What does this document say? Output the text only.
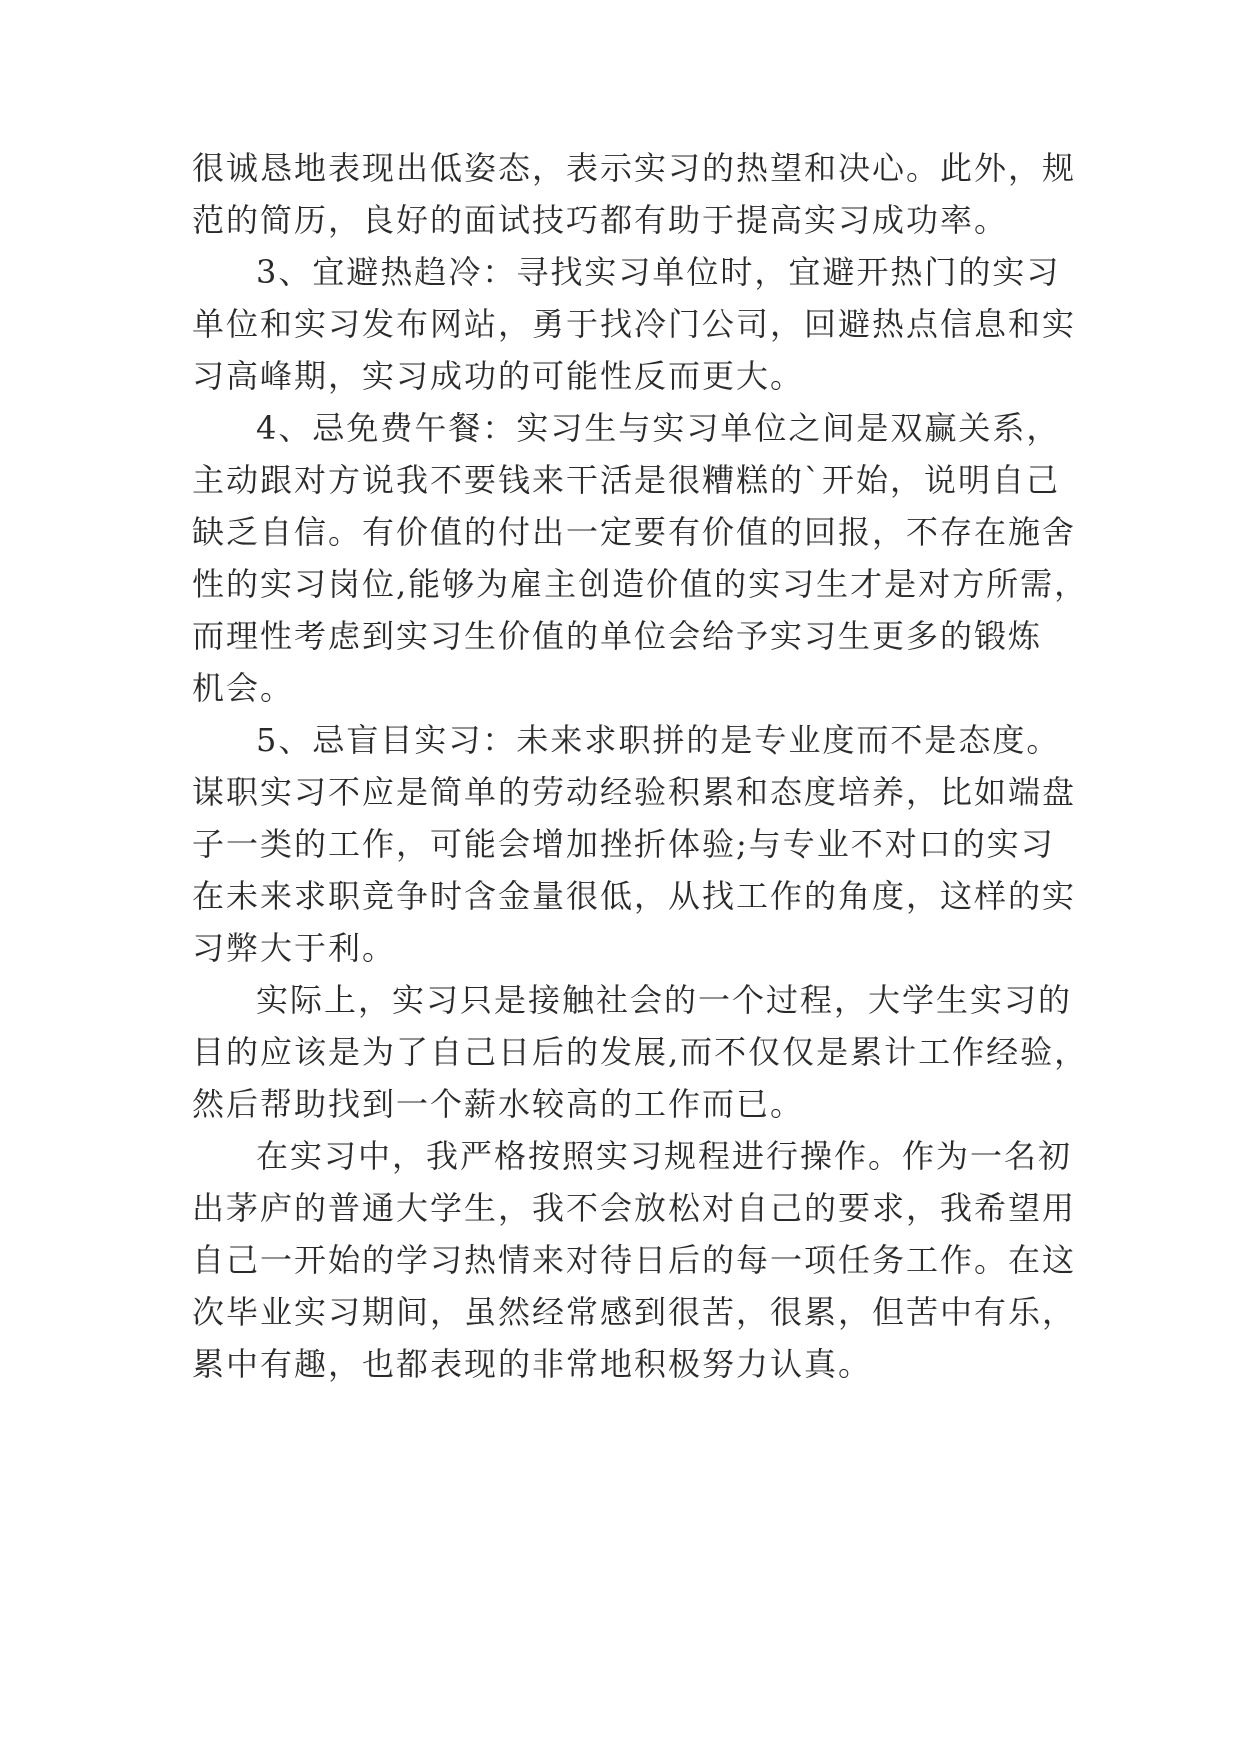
很诚恳地表现出低姿态，表示实习的热望和决心。此外，规
范的简历，良好的面试技巧都有助于提高实习成功率。
3、宜避热趋冷：寻找实习单位时，宜避开热门的实习
单位和实习发布网站，勇于找冷门公司，回避热点信息和实
习高峰期，实习成功的可能性反而更大。
4、忌免费午餐：实习生与实习单位之间是双赢关系，
主动跟对方说我不要钱来干活是很糟糕的`开始，说明自己
缺乏自信。有价值的付出一定要有价值的回报，不存在施舍
性的实习岗位,能够为雇主创造价值的实习生才是对方所需，
而理性考虑到实习生价值的单位会给予实习生更多的锻炼
机会。
5、忌盲目实习：未来求职拼的是专业度而不是态度。
谋职实习不应是简单的劳动经验积累和态度培养，比如端盘
子一类的工作，可能会增加挫折体验;与专业不对口的实习
在未来求职竞争时含金量很低，从找工作的角度，这样的实
习弊大于利。
实际上，实习只是接触社会的一个过程，大学生实习的
目的应该是为了自己日后的发展,而不仅仅是累计工作经验，
然后帮助找到一个薪水较高的工作而已。
在实习中，我严格按照实习规程进行操作。作为一名初
出茅庐的普通大学生，我不会放松对自己的要求，我希望用
自己一开始的学习热情来对待日后的每一项任务工作。在这
次毕业实习期间，虽然经常感到很苦，很累，但苦中有乐，
累中有趣，也都表现的非常地积极努力认真。
